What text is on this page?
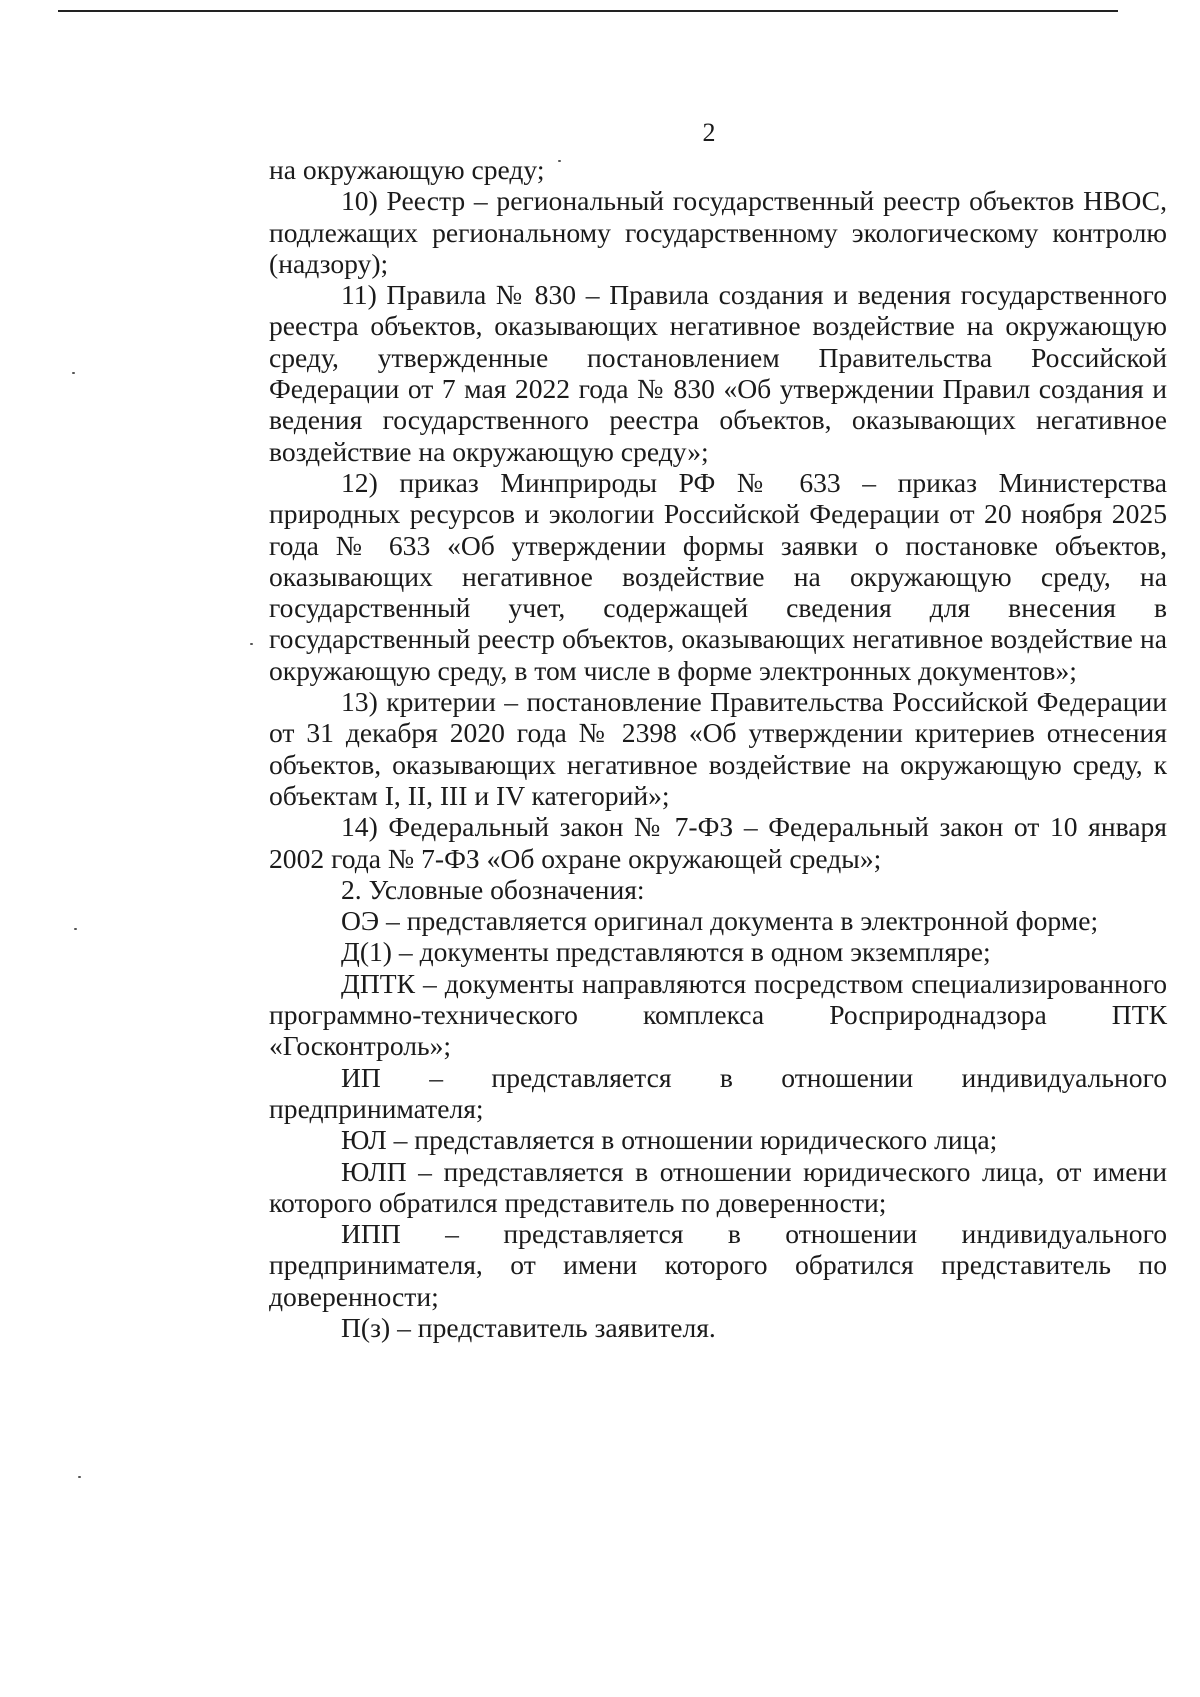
2

на окружающую среду;

10) Реестр – региональный государственный реестр объектов НВОС, подлежащих региональному государственному экологическому контролю (надзору);

11) Правила № 830 – Правила создания и ведения государственного реестра объектов, оказывающих негативное воздействие на окружающую среду, утвержденные постановлением Правительства Российской Федерации от 7 мая 2022 года № 830 «Об утверждении Правил создания и ведения государственного реестра объектов, оказывающих негативное воздействие на окружающую среду»;

12) приказ Минприроды РФ № 633 – приказ Министерства природных ресурсов и экологии Российской Федерации от 20 ноября 2025 года № 633 «Об утверждении формы заявки о постановке объектов, оказывающих негативное воздействие на окружающую среду, на государственный учет, содержащей сведения для внесения в государственный реестр объектов, оказывающих негативное воздействие на окружающую среду, в том числе в форме электронных документов»;

13) критерии – постановление Правительства Российской Федерации от 31 декабря 2020 года № 2398 «Об утверждении критериев отнесения объектов, оказывающих негативное воздействие на окружающую среду, к объектам I, II, III и IV категорий»;

14) Федеральный закон № 7-ФЗ – Федеральный закон от 10 января 2002 года № 7-ФЗ «Об охране окружающей среды»;

2. Условные обозначения:

ОЭ – представляется оригинал документа в электронной форме;

Д(1) – документы представляются в одном экземпляре;

ДПТК – документы направляются посредством специализированного программно-технического комплекса Росприроднадзора ПТК «Госконтроль»;

ИП – представляется в отношении индивидуального предпринимателя;

ЮЛ – представляется в отношении юридического лица;

ЮЛП – представляется в отношении юридического лица, от имени которого обратился представитель по доверенности;

ИПП – представляется в отношении индивидуального предпринимателя, от имени которого обратился представитель по доверенности;

П(з) – представитель заявителя.
